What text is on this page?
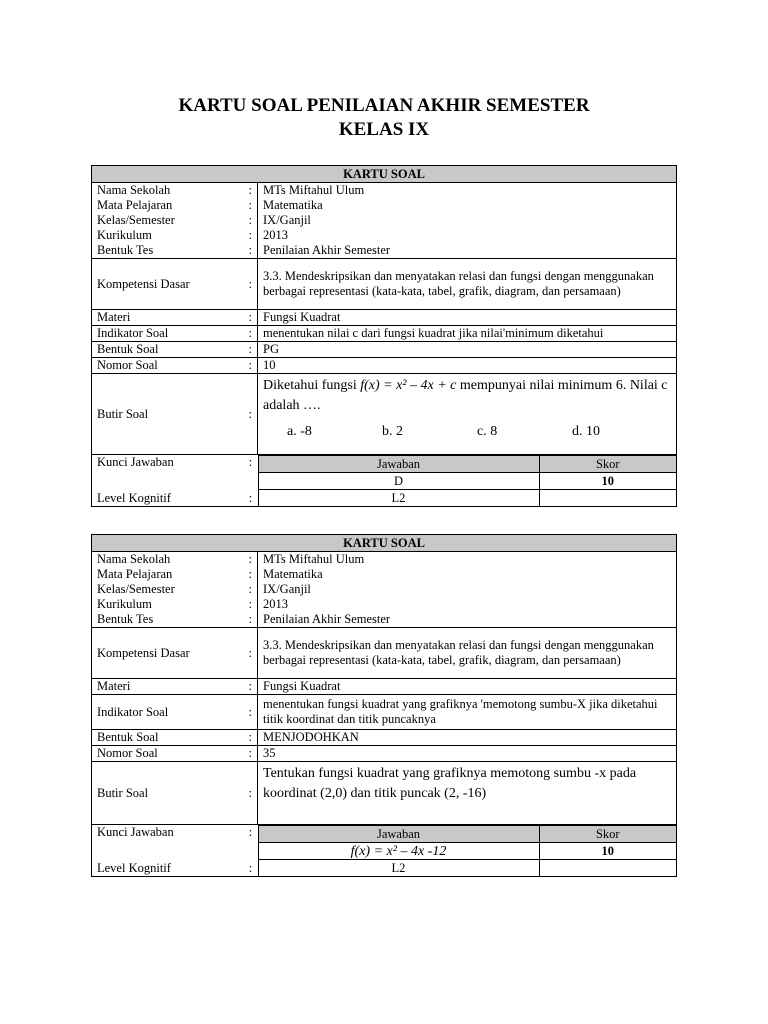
KARTU SOAL PENILAIAN AKHIR SEMESTER
KELAS IX
KARTU SOAL
Nama Sekolah	:	MTs Miftahul Ulum
Mata Pelajaran	:	Matematika
Kelas/Semester	:	IX/Ganjil
Kurikulum	:	2013
Bentuk Tes	:	Penilaian Akhir Semester
Kompetensi Dasar	:	3.3. Mendeskripsikan dan menyatakan relasi dan fungsi dengan menggunakan berbagai representasi (kata-kata, tabel, grafik, diagram, dan persamaan)
Materi	:	Fungsi Kuadrat
Indikator Soal	:	menentukan nilai c dari fungsi kuadrat jika nilai'minimum diketahui
Bentuk Soal	:	PG
Nomor Soal	:	10
Butir Soal	:	
Diketahui fungsi f(x) = x² – 4x + c mempunyai nilai minimum 6. Nilai c adalah ….
a. -8	b. 2	c. 8	d. 10

Kunci Jawaban	:		Jawaban	Skor
D	10

Level Kognitif	:		L2	
KARTU SOAL
Nama Sekolah	:	MTs Miftahul Ulum
Mata Pelajaran	:	Matematika
Kelas/Semester	:	IX/Ganjil
Kurikulum	:	2013
Bentuk Tes	:	Penilaian Akhir Semester
Kompetensi Dasar	:	3.3. Mendeskripsikan dan menyatakan relasi dan fungsi dengan menggunakan berbagai representasi (kata-kata, tabel, grafik, diagram, dan persamaan)
Materi	:	Fungsi Kuadrat
Indikator Soal	:	menentukan fungsi kuadrat yang grafiknya 'memotong sumbu-X jika diketahui titik koordinat dan titik puncaknya
Bentuk Soal	:	MENJODOHKAN
Nomor Soal	:	35
Butir Soal	:	
Tentukan fungsi kuadrat yang grafiknya memotong sumbu -x pada koordinat (2,0) dan titik puncak (2, -16)

Kunci Jawaban	:		Jawaban	Skor
f(x) = x² – 4x -12	10

Level Kognitif	:		L2	
